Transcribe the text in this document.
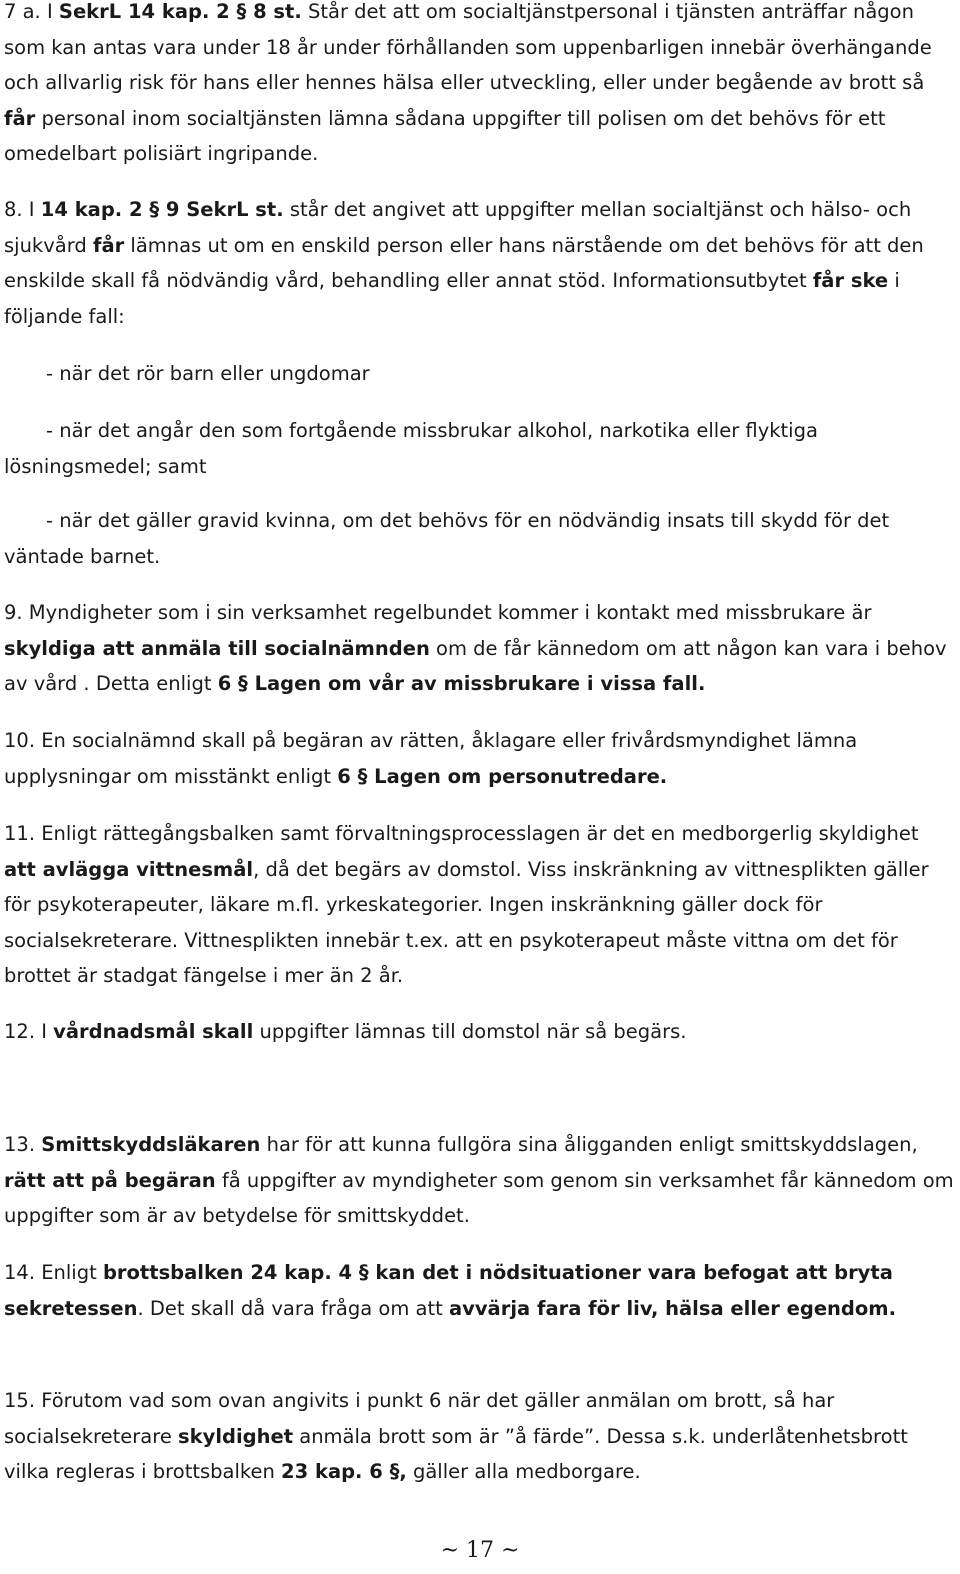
7 a. I SekrL 14 kap. 2 § 8 st. Står det att om socialtjänstpersonal i tjänsten anträffar någon som kan antas vara under 18 år under förhållanden som uppenbarligen innebär överhängande och allvarlig risk för hans eller hennes hälsa eller utveckling, eller under begående av brott så får personal inom socialtjänsten lämna sådana uppgifter till polisen om det behövs för ett omedelbart polisiärt ingripande.

8. I 14 kap. 2 § 9 SekrL st. står det angivet att uppgifter mellan socialtjänst och hälso- och sjukvård får lämnas ut om en enskild person eller hans närstående om det behövs för att den enskilde skall få nödvändig vård, behandling eller annat stöd. Informationsutbytet får ske i följande fall:

- när det rör barn eller ungdomar

- när det angår den som fortgående missbrukar alkohol, narkotika eller flyktiga lösningsmedel; samt

- när det gäller gravid kvinna, om det behövs för en nödvändig insats till skydd för det väntade barnet.

9. Myndigheter som i sin verksamhet regelbundet kommer i kontakt med missbrukare är skyldiga att anmäla till socialnämnden om de får kännedom om att någon kan vara i behov av vård . Detta enligt 6 § Lagen om vår av missbrukare i vissa fall.

10. En socialnämnd skall på begäran av rätten, åklagare eller frivårdsmyndighet lämna upplysningar om misstänkt enligt 6 § Lagen om personutredare.

11. Enligt rättegångsbalken samt förvaltningsprocesslagen är det en medborgerlig skyldighet att avlägga vittnesmål, då det begärs av domstol. Viss inskränkning av vittnesplikten gäller för psykoterapeuter, läkare m.fl. yrkeskategorier. Ingen inskränkning gäller dock för socialsekreterare. Vittnesplikten innebär t.ex. att en psykoterapeut måste vittna om det för brottet är stadgat fängelse i mer än 2 år.

12. I vårdnadsmål skall uppgifter lämnas till domstol när så begärs.

13. Smittskyddsläkaren har för att kunna fullgöra sina åligganden enligt smittskyddslagen, rätt att på begäran få uppgifter av myndigheter som genom sin verksamhet får kännedom om uppgifter som är av betydelse för smittskyddet.

14. Enligt brottsbalken 24 kap. 4 § kan det i nödsituationer vara befogat att bryta sekretessen. Det skall då vara fråga om att avvärja fara för liv, hälsa eller egendom.

15. Förutom vad som ovan angivits i punkt 6 när det gäller anmälan om brott, så har socialsekreterare skyldighet anmäla brott som är ”å färde”. Dessa s.k. underlåtenhetsbrott vilka regleras i brottsbalken 23 kap. 6 §, gäller alla medborgare.

~ 17 ~
